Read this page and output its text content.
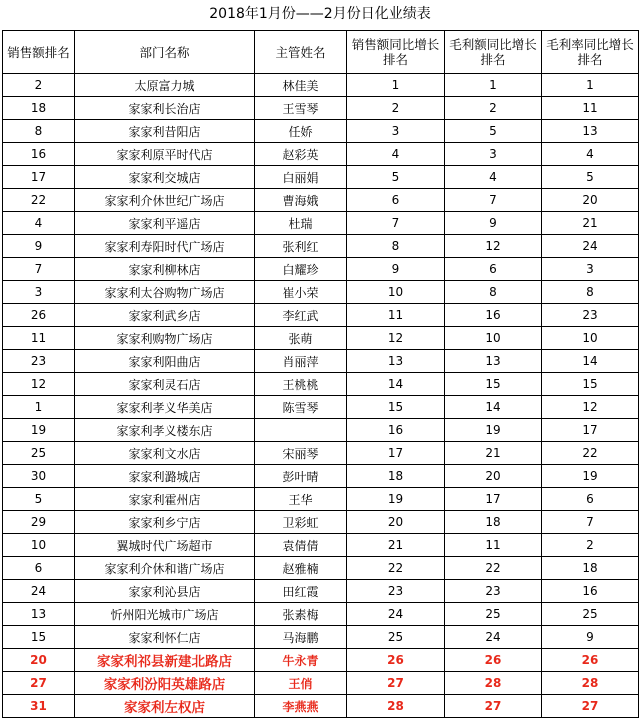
2018年1月份——2月份日化业绩表
销售额排名	部门名称	主管姓名	销售额同比增长排名	毛利额同比增长排名	毛利率同比增长排名

2	太原富力城	林佳美	1	1	1
18	家家利长治店	王雪琴	2	2	11
8	家家利昔阳店	任娇	3	5	13
16	家家利原平时代店	赵彩英	4	3	4
17	家家利交城店	白丽娟	5	4	5
22	家家利介休世纪广场店	曹海娥	6	7	20
4	家家利平遥店	杜瑞	7	9	21
9	家家利寿阳时代广场店	张利红	8	12	24
7	家家利柳林店	白耀珍	9	6	3
3	家家利太谷购物广场店	崔小荣	10	8	8
26	家家利武乡店	李红武	11	16	23
11	家家利购物广场店	张萌	12	10	10
23	家家利阳曲店	肖丽萍	13	13	14
12	家家利灵石店	王桃桃	14	15	15
1	家家利孝义华美店	陈雪琴	15	14	12
19	家家利孝义楼东店		16	19	17
25	家家利文水店	宋丽琴	17	21	22
30	家家利潞城店	彭叶晴	18	20	19
5	家家利霍州店	王华	19	17	6
29	家家利乡宁店	卫彩虹	20	18	7
10	翼城时代广场超市	袁倩倩	21	11	2
6	家家利介休和谐广场店	赵雅楠	22	22	18
24	家家利沁县店	田红霞	23	23	16
13	忻州阳光城市广场店	张素梅	24	25	25
15	家家利怀仁店	马海鹏	25	24	9
20	家家利祁县新建北路店	牛永青	26	26	26
27	家家利汾阳英雄路店	王俏	27	28	28
31	家家利左权店	李燕燕	28	27	27
